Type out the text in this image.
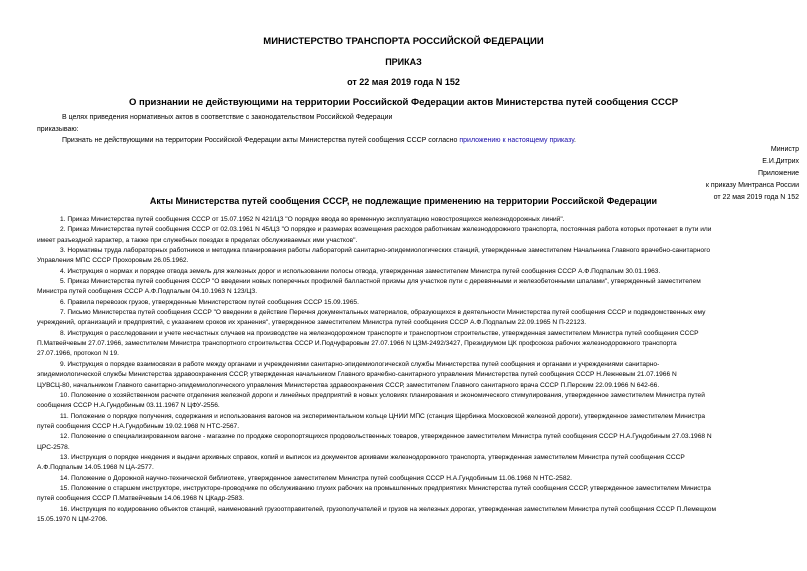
МИНИСТЕРСТВО ТРАНСПОРТА РОССИЙСКОЙ ФЕДЕРАЦИИ
ПРИКАЗ
от 22 мая 2019 года N 152
О признании не действующими на территории Российской Федерации актов Министерства путей сообщения СССР
В целях приведения нормативных актов в соответствие с законодательством Российской Федерации
приказываю:
Признать не действующими на территории Российской Федерации акты Министерства путей сообщения СССР согласно приложению к настоящему приказу.
Министр
Е.И.Дитрих
Приложение
к приказу Минтранса России
от 22 мая 2019 года N 152
Акты Министерства путей сообщения СССР, не подлежащие применению на территории Российской Федерации
1. Приказ Министерства путей сообщения СССР от 15.07.1952 N 421/ЦЗ "О порядке ввода во временную эксплуатацию новостроящихся железнодорожных линий".
2. Приказ Министерства путей сообщения СССР от 02.03.1961 N 45/ЦЗ "О порядке и размерах возмещения расходов работникам железнодорожного транспорта, постоянная работа которых протекает в пути или
имеет разъездной характер, а также при служебных поездах в пределах обслуживаемых ими участков".
3. Нормативы труда лабораторных работников и методика планирования работы лабораторий санитарно-эпидемиологических станций, утвержденные заместителем Начальника Главного врачебно-санитарного
Управления МПС СССР Прохоровым 26.05.1962.
4. Инструкция о нормах и порядке отвода земель для железных дорог и использовании полосы отвода, утвержденная заместителем Министра путей сообщения СССР А.Ф.Подпалым 30.01.1963.
5. Приказ Министерства путей сообщения СССР "О введении новых поперечных профилей балластной призмы для участков пути с деревянными и железобетонными шпалами", утвержденный заместителем
Министра путей сообщения СССР А.Ф.Подпалым 04.10.1963 N 123/ЦЗ.
6. Правила перевозок грузов, утвержденные Министерством путей сообщения СССР 15.09.1965.
7. Письмо Министерства путей сообщения СССР "О введении в действие Перечня документальных материалов, образующихся в деятельности Министерства путей сообщения СССР и подведомственных ему
учреждений, организаций и предприятий, с указанием сроков их хранения", утвержденное заместителем Министра путей сообщения СССР А.Ф.Подпалым 22.09.1965 N П-22123.
8. Инструкция о расследовании и учете несчастных случаев на производстве на железнодорожном транспорте и транспортном строительстве, утвержденная заместителем Министра путей сообщения СССР
П.Матвейчевым 27.07.1966, заместителем Министра транспортного строительства СССР И.Подчуфаровым 27.07.1966 N ЦЗМ-2492/3427, Президиумом ЦК профсоюза рабочих железнодорожного транспорта
27.07.1966, протокол N 19.
9. Инструкция о порядке взаимосвязи в работе между органами и учреждениями санитарно-эпидемиологической службы Министерства путей сообщения и органами и учреждениями санитарно-
эпидемиологической службы Министерства здравоохранения СССР, утвержденная начальником Главного врачебно-санитарного управления Министерства путей сообщения СССР Н.Лежневым 21.07.1966 N
ЦУВСЦ-80, начальником Главного санитарно-эпидемиологического управления Министерства здравоохранения СССР, заместителем Главного санитарного врача СССР П.Перским 22.09.1966 N 642-66.
10. Положение о хозяйственном расчете отделения железной дороги и линейных предприятий в новых условиях планирования и экономического стимулирования, утвержденное заместителем Министра путей
сообщения СССР Н.А.Гундобиным 03.11.1967 N ЦФУ-2556.
11. Положение о порядке получения, содержания и использования вагонов на экспериментальном кольце ЦНИИ МПС (станция Щербинка Московской железной дороги), утвержденное заместителем Министра
путей сообщения СССР Н.А.Гундобиным 19.02.1968 N НТС-2567.
12. Положение о специализированном вагоне - магазине по продаже скоропортящихся продовольственных товаров, утвержденное заместителем Министра путей сообщения СССР Н.А.Гундобиным 27.03.1968 N
ЦРС-2578.
13. Инструкция о порядке ннедения и выдачи архивных справок, копий и выписок из документов архивами железнодорожного транспорта, утвержденная заместителем Министра путей сообщения СССР
А.Ф.Подпалым 14.05.1968 N ЦА-2577.
14. Положение о Дорожной научно-технической библиотеке, утвержденное заместителем Министра путей сообщения СССР Н.А.Гундобиным 11.06.1968 N НТС-2582.
15. Положение о старшем инструкторе, инструкторе-проводчике по обслуживанию глухих рабочих на промышленных предприятиях Министерства путей сообщения СССР, утвержденное заместителем Министра
путей сообщения СССР П.Матвейчевым 14.06.1968 N ЦКадр-2583.
16. Инструкция по кодированию объектов станций, наименований грузоотправителей, грузополучателей и грузов на железных дорогах, утвержденная заместителем Министра путей сообщения СССР П.Лемещком
15.05.1970 N ЦМ-2706.
